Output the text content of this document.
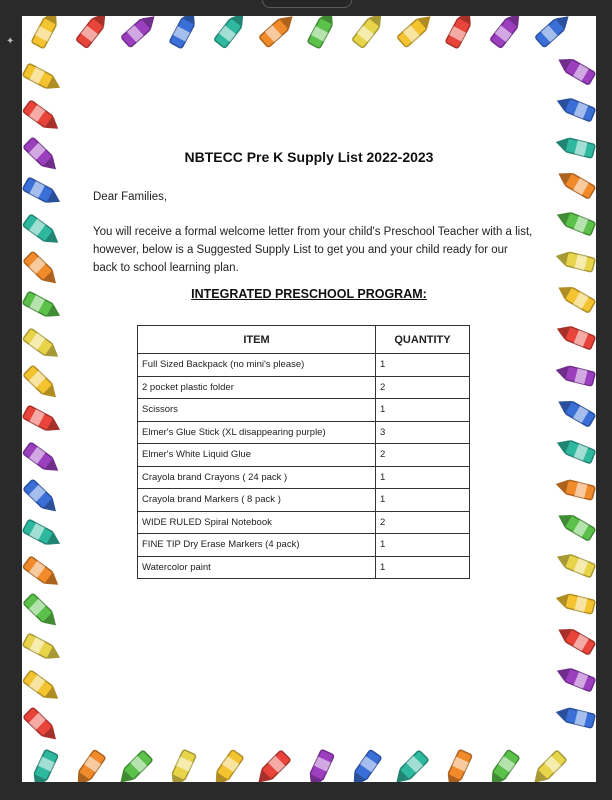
✦
NBTECC Pre K Supply List 2022-2023
Dear Families,
You will receive a formal welcome letter from your child's Preschool Teacher with a list, however, below is a Suggested Supply List to get you and your child ready for our back to school learning plan.
INTEGRATED PRESCHOOL PROGRAM:
ITEM	QUANTITY
Full Sized Backpack (no mini's please)	1
2 pocket plastic folder	2
Scissors	1
Elmer's Glue Stick (XL disappearing purple)	3
Elmer's White Liquid Glue	2
Crayola brand Crayons ( 24 pack )	1
Crayola brand Markers ( 8 pack )	1
WIDE RULED Spiral Notebook	2
FINE TIP Dry Erase Markers (4 pack)	1
Watercolor paint	1
